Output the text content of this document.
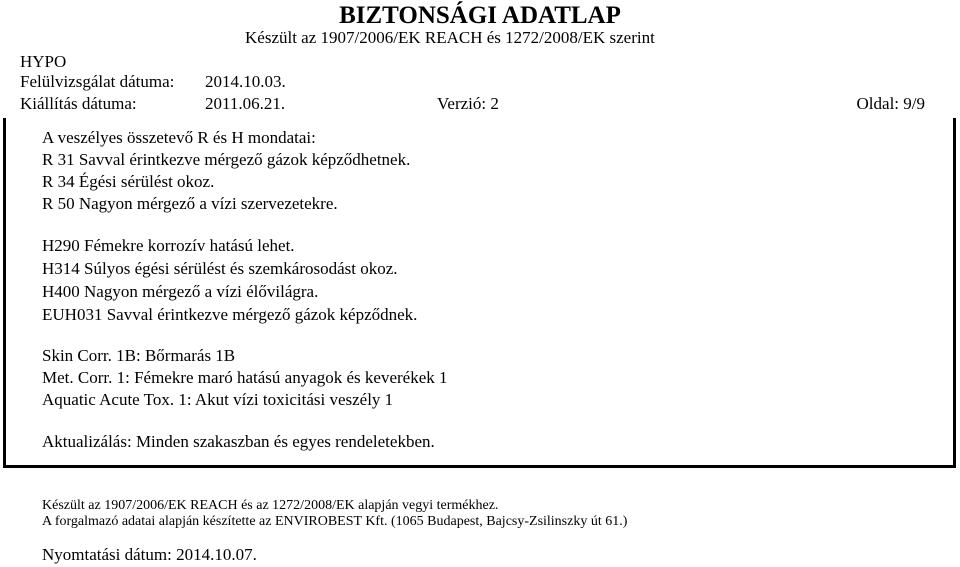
BIZTONSÁGI ADATLAP
Készült az 1907/2006/EK REACH és 1272/2008/EK szerint
HYPO
Felülvizsgálat dátuma: 2014.10.03.
Kiállítás dátuma:	2011.06.21.	Verzió: 2	Oldal: 9/9
A veszélyes összetevő R és H mondatai:
R 31 Savval érintkezve mérgező gázok képződhetnek.
R 34 Égési sérülést okoz.
R 50 Nagyon mérgező a vízi szervezetekre.
H290 Fémekre korrozív hatású lehet.
H314 Súlyos égési sérülést és szemkárosodást okoz.
H400 Nagyon mérgező a vízi élővilágra.
EUH031 Savval érintkezve mérgező gázok képződnek.
Skin Corr. 1B: Bőrmarás 1B
Met. Corr. 1: Fémekre maró hatású anyagok és keverékek 1
Aquatic Acute Tox. 1: Akut vízi toxicitási veszély 1
Aktualizálás: Minden szakaszban és egyes rendeletekben.
Készült az 1907/2006/EK REACH és az 1272/2008/EK alapján vegyi termékhez.
A forgalmazó adatai alapján készítette az ENVIROBEST Kft. (1065 Budapest, Bajcsy-Zsilinszky út 61.)
Nyomtatási dátum: 2014.10.07.
